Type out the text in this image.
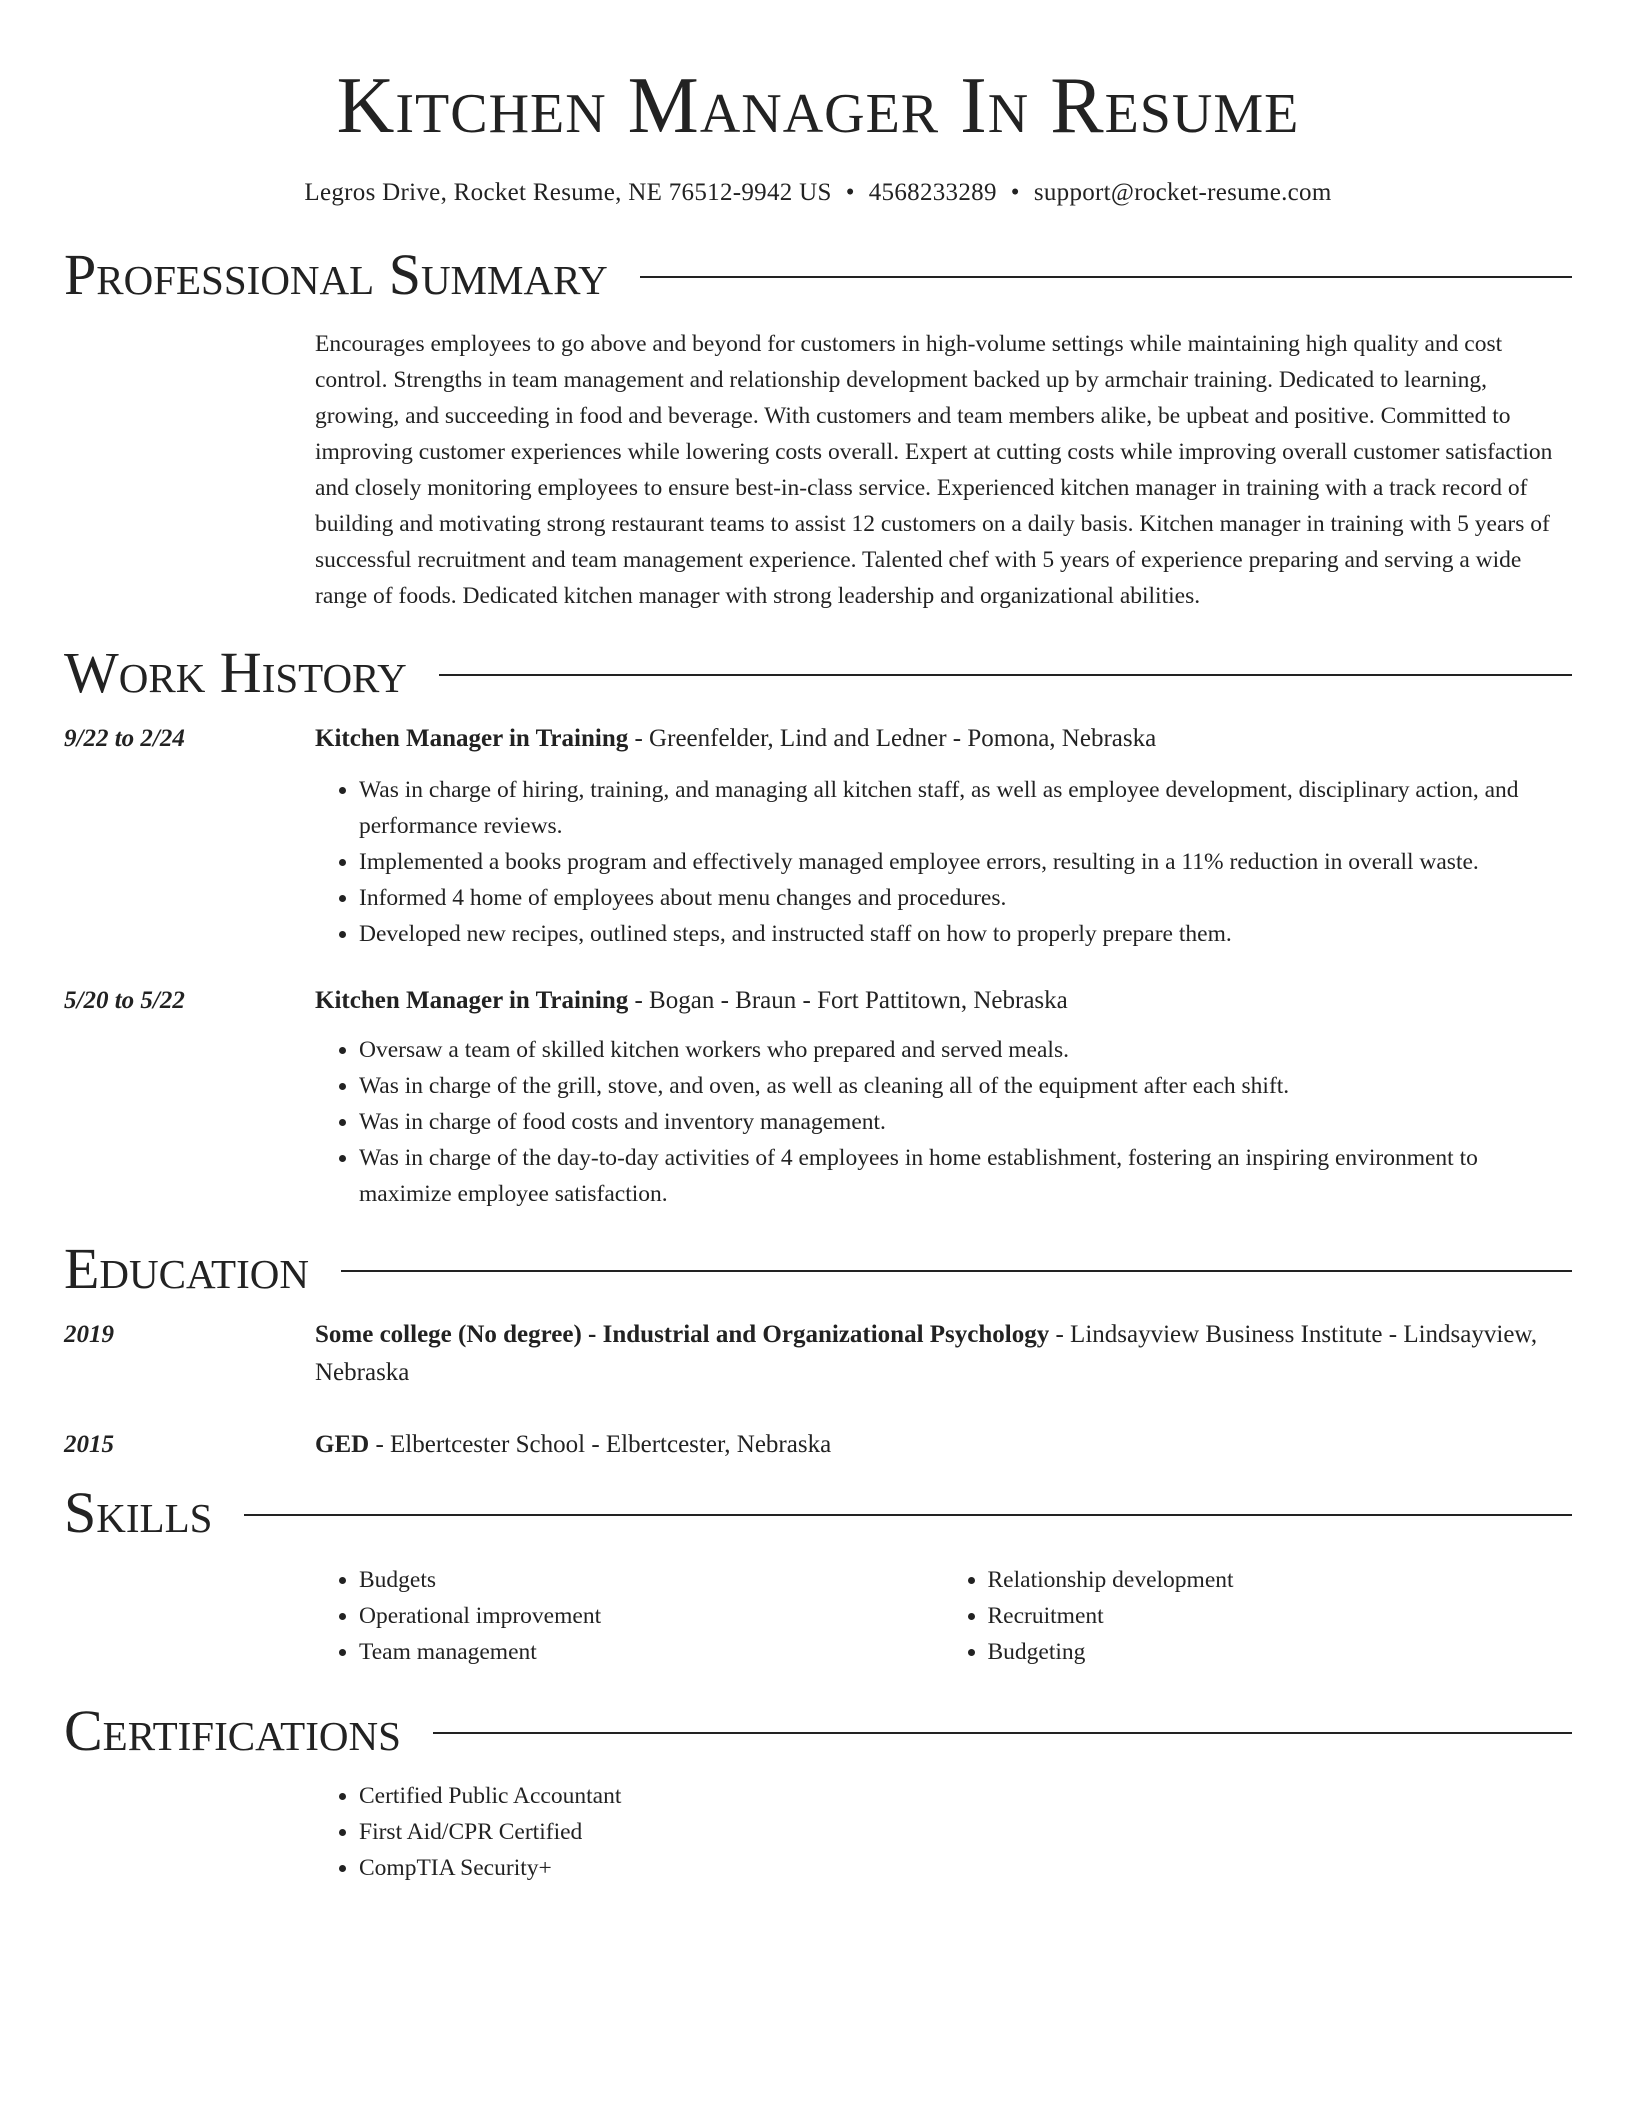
Kitchen Manager In Resume
Legros Drive, Rocket Resume, NE 76512-9942 US • 4568233289 • support@rocket-resume.com
Professional Summary
Encourages employees to go above and beyond for customers in high-volume settings while maintaining high quality and cost control. Strengths in team management and relationship development backed up by armchair training. Dedicated to learning, growing, and succeeding in food and beverage. With customers and team members alike, be upbeat and positive. Committed to improving customer experiences while lowering costs overall. Expert at cutting costs while improving overall customer satisfaction and closely monitoring employees to ensure best-in-class service. Experienced kitchen manager in training with a track record of building and motivating strong restaurant teams to assist 12 customers on a daily basis. Kitchen manager in training with 5 years of successful recruitment and team management experience. Talented chef with 5 years of experience preparing and serving a wide range of foods. Dedicated kitchen manager with strong leadership and organizational abilities.
Work History
9/22 to 2/24	Kitchen Manager in Training - Greenfelder, Lind and Ledner - Pomona, Nebraska
• Was in charge of hiring, training, and managing all kitchen staff, as well as employee development, disciplinary action, and performance reviews.
• Implemented a books program and effectively managed employee errors, resulting in a 11% reduction in overall waste.
• Informed 4 home of employees about menu changes and procedures.
• Developed new recipes, outlined steps, and instructed staff on how to properly prepare them.
5/20 to 5/22	Kitchen Manager in Training - Bogan - Braun - Fort Pattitown, Nebraska
• Oversaw a team of skilled kitchen workers who prepared and served meals.
• Was in charge of the grill, stove, and oven, as well as cleaning all of the equipment after each shift.
• Was in charge of food costs and inventory management.
• Was in charge of the day-to-day activities of 4 employees in home establishment, fostering an inspiring environment to maximize employee satisfaction.
Education
2019	Some college (No degree) - Industrial and Organizational Psychology - Lindsayview Business Institute - Lindsayview, Nebraska
2015	GED - Elbertcester School - Elbertcester, Nebraska
Skills
• Budgets
• Operational improvement
• Team management
• Relationship development
• Recruitment
• Budgeting
Certifications
• Certified Public Accountant
• First Aid/CPR Certified
• CompTIA Security+
